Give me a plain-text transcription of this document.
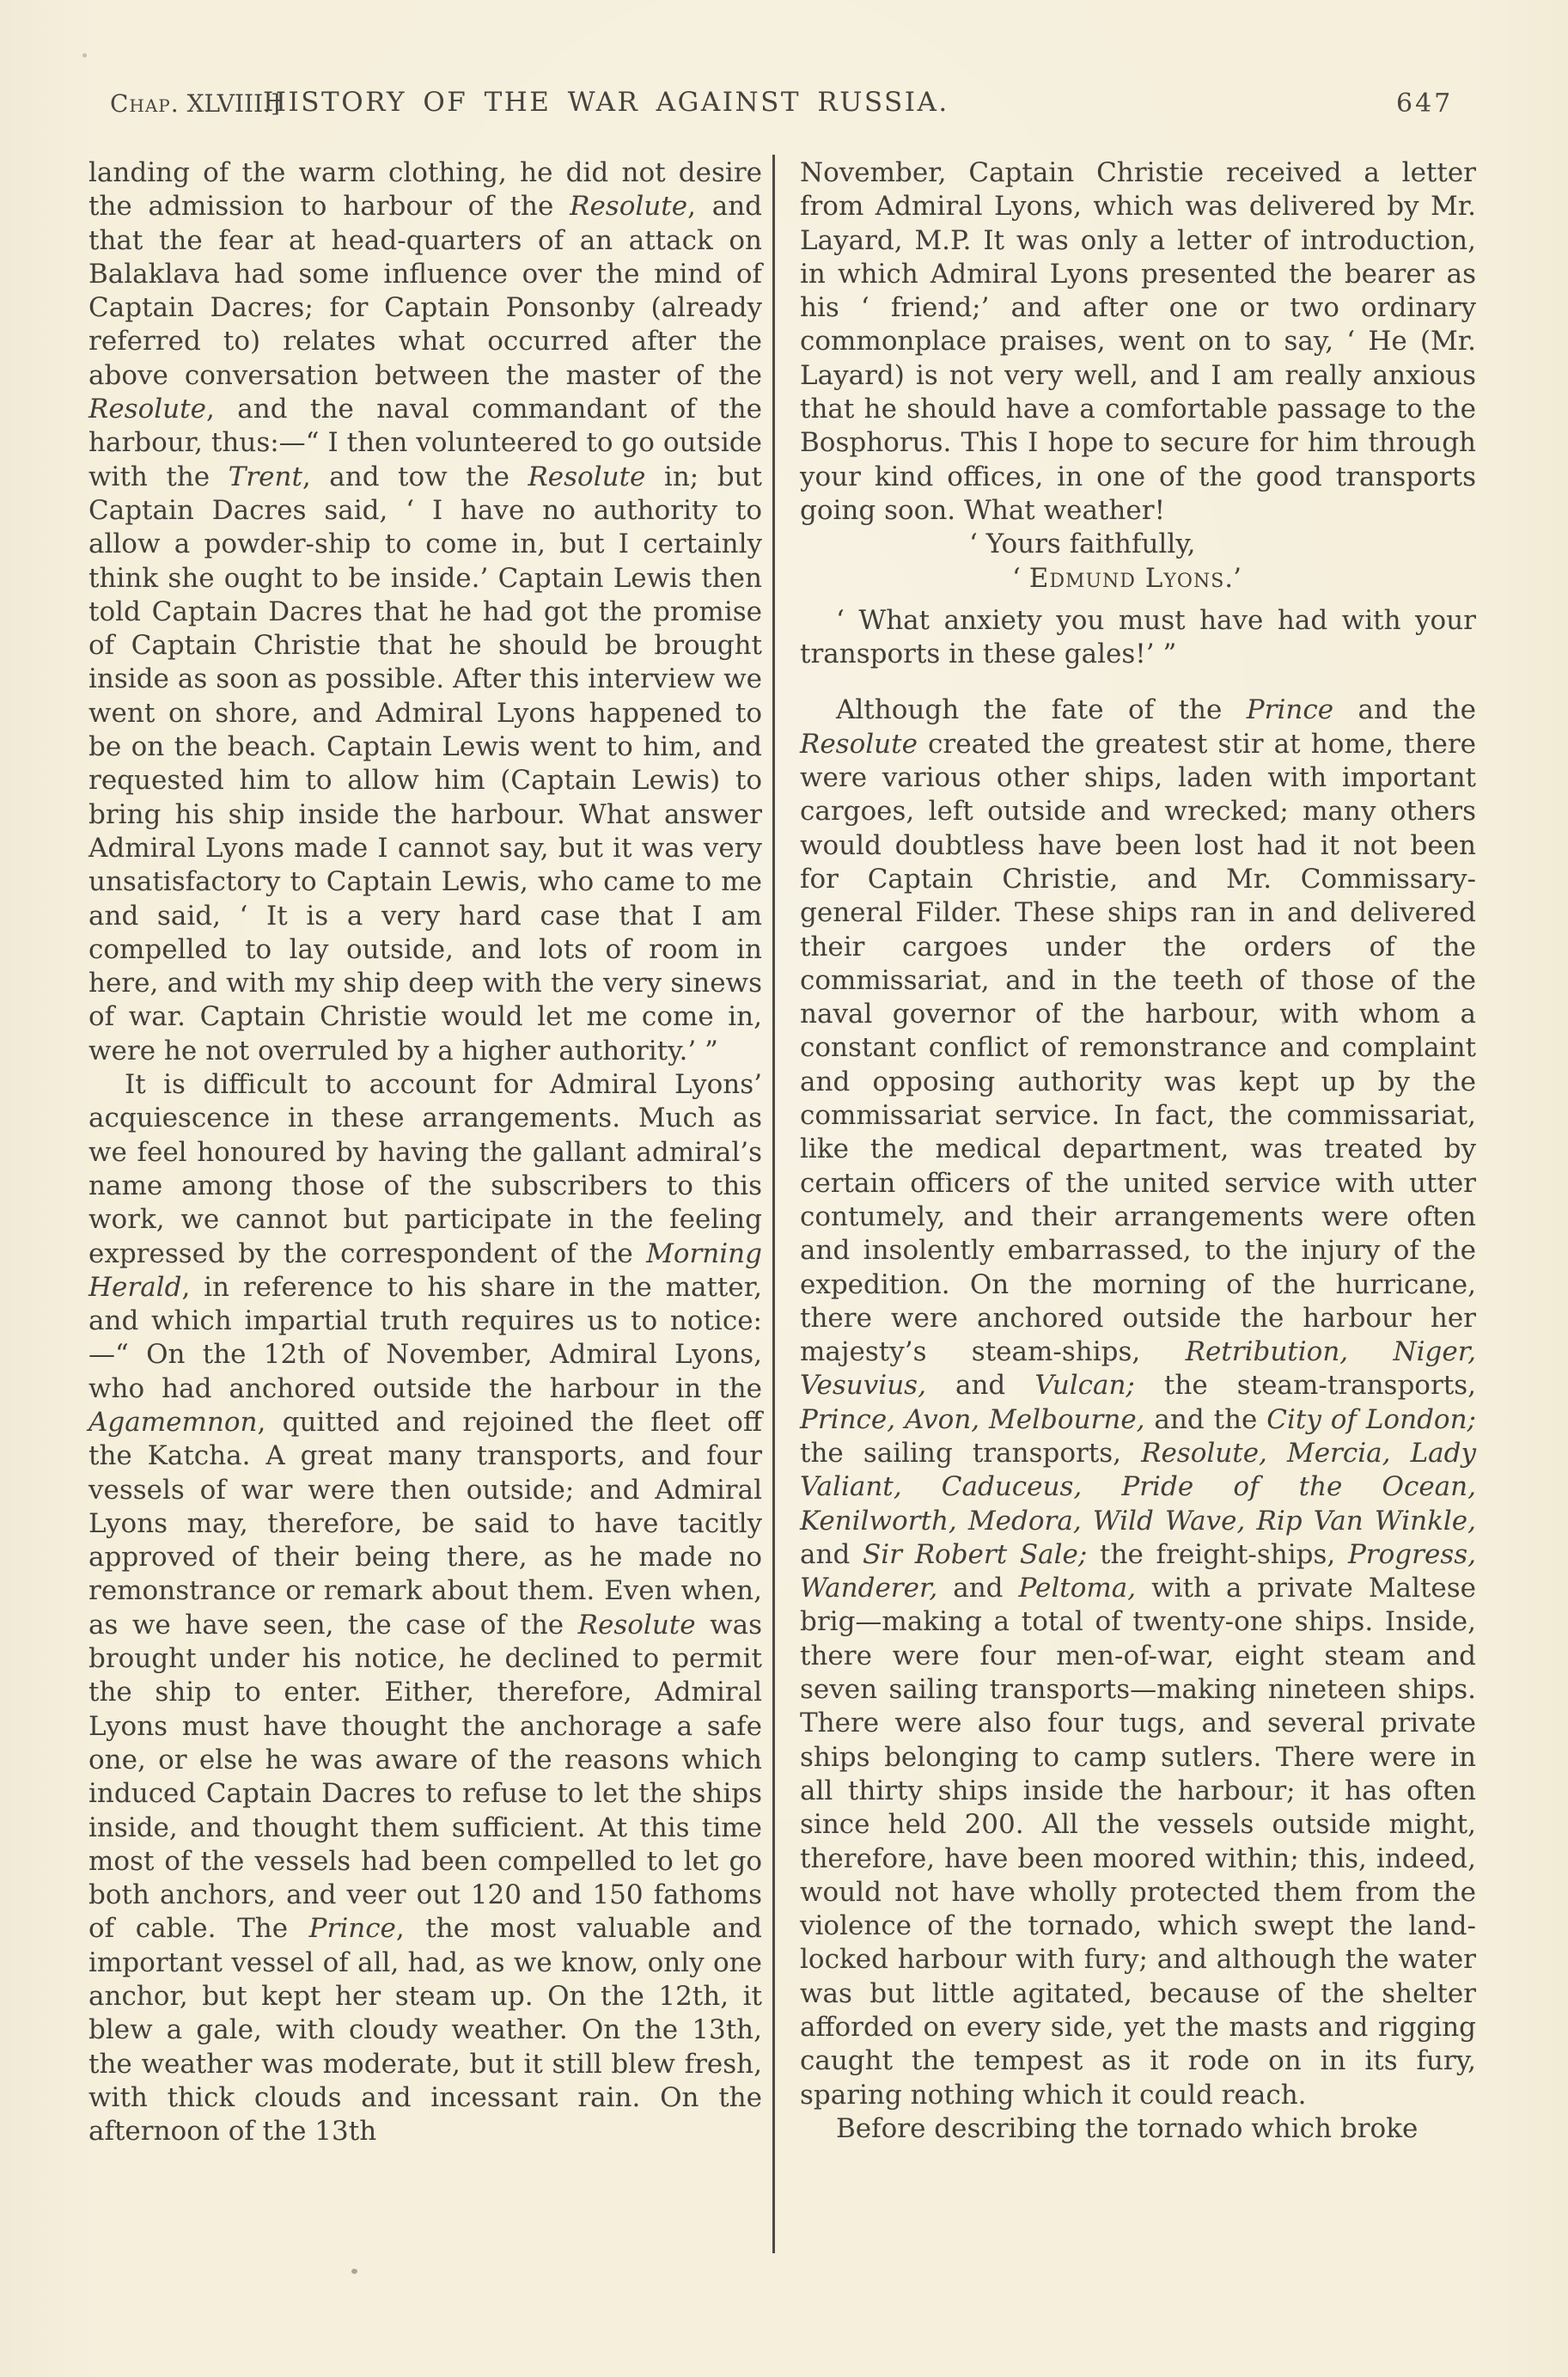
Chap. XLVIII.]
HISTORY OF THE WAR AGAINST RUSSIA.	647

landing of the warm clothing, he did not desire the admission to harbour of the Resolute, and that the fear at head-quarters of an attack on Balaklava had some influence over the mind of Captain Dacres; for Captain Ponsonby (already referred to) relates what occurred after the above conversation between the master of the Resolute, and the naval commandant of the harbour, thus:—“ I then volunteered to go outside with the Trent, and tow the Resolute in; but Captain Dacres said, ‘ I have no authority to allow a powder-ship to come in, but I certainly think she ought to be inside.’ Captain Lewis then told Captain Dacres that he had got the promise of Captain Christie that he should be brought inside as soon as possible. After this interview we went on shore, and Admiral Lyons happened to be on the beach. Captain Lewis went to him, and requested him to allow him (Captain Lewis) to bring his ship inside the harbour. What answer Admiral Lyons made I cannot say, but it was very unsatisfactory to Captain Lewis, who came to me and said, ‘ It is a very hard case that I am compelled to lay outside, and lots of room in here, and with my ship deep with the very sinews of war. Captain Christie would let me come in, were he not overruled by a higher authority.’ ”

It is difficult to account for Admiral Lyons’ acquiescence in these arrangements. Much as we feel honoured by having the gallant admiral’s name among those of the subscribers to this work, we cannot but participate in the feeling expressed by the correspondent of the Morning Herald, in reference to his share in the matter, and which impartial truth requires us to notice:—“ On the 12th of November, Admiral Lyons, who had anchored outside the harbour in the Agamemnon, quitted and rejoined the fleet off the Katcha. A great many transports, and four vessels of war were then outside; and Admiral Lyons may, therefore, be said to have tacitly approved of their being there, as he made no remonstrance or remark about them. Even when, as we have seen, the case of the Resolute was brought under his notice, he declined to permit the ship to enter. Either, therefore, Admiral Lyons must have thought the anchorage a safe one, or else he was aware of the reasons which induced Captain Dacres to refuse to let the ships inside, and thought them sufficient. At this time most of the vessels had been compelled to let go both anchors, and veer out 120 and 150 fathoms of cable. The Prince, the most valuable and important vessel of all, had, as we know, only one anchor, but kept her steam up. On the 12th, it blew a gale, with cloudy weather. On the 13th, the weather was moderate, but it still blew fresh, with thick clouds and incessant rain. On the afternoon of the 13th

November, Captain Christie received a letter from Admiral Lyons, which was delivered by Mr. Layard, M.P. It was only a letter of introduction, in which Admiral Lyons presented the bearer as his ‘ friend;’ and after one or two ordinary commonplace praises, went on to say, ‘ He (Mr. Layard) is not very well, and I am really anxious that he should have a comfortable passage to the Bosphorus. This I hope to secure for him through your kind offices, in one of the good transports going soon. What weather!

‘ Yours faithfully,

‘ Edmund Lyons.’

‘ What anxiety you must have had with your transports in these gales!’ ”

Although the fate of the Prince and the Resolute created the greatest stir at home, there were various other ships, laden with important cargoes, left outside and wrecked; many others would doubtless have been lost had it not been for Captain Christie, and Mr. Commissary-general Filder. These ships ran in and delivered their cargoes under the orders of the commissariat, and in the teeth of those of the naval governor of the harbour, with whom a constant conflict of remonstrance and complaint and opposing authority was kept up by the commissariat service. In fact, the commissariat, like the medical department, was treated by certain officers of the united service with utter contumely, and their arrangements were often and insolently embarrassed, to the injury of the expedition. On the morning of the hurricane, there were anchored outside the harbour her majesty’s steam-ships, Retribution, Niger, Vesuvius, and Vulcan; the steam-transports, Prince, Avon, Melbourne, and the City of London; the sailing transports, Resolute, Mercia, Lady Valiant, Caduceus, Pride of the Ocean, Kenilworth, Medora, Wild Wave, Rip Van Winkle, and Sir Robert Sale; the freight-ships, Progress, Wanderer, and Peltoma, with a private Maltese brig—making a total of twenty-one ships. Inside, there were four men-of-war, eight steam and seven sailing transports—making nineteen ships. There were also four tugs, and several private ships belonging to camp sutlers. There were in all thirty ships inside the harbour; it has often since held 200. All the vessels outside might, therefore, have been moored within; this, indeed, would not have wholly protected them from the violence of the tornado, which swept the land-locked harbour with fury; and although the water was but little agitated, because of the shelter afforded on every side, yet the masts and rigging caught the tempest as it rode on in its fury, sparing nothing which it could reach.

Before describing the tornado which broke
